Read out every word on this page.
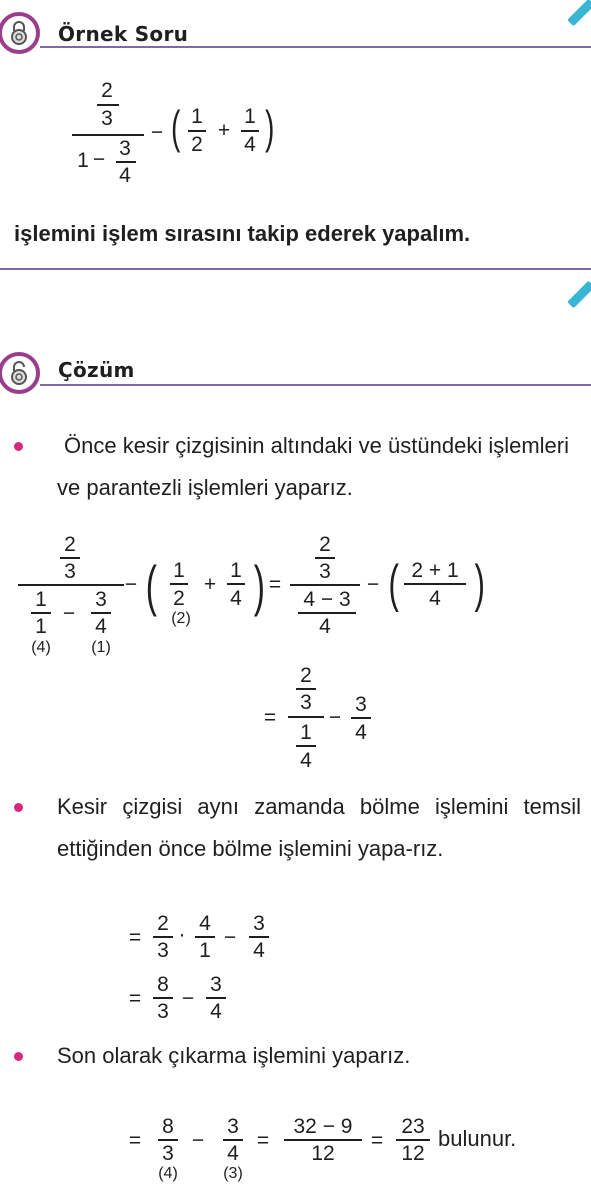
Örnek Soru
2
3
1 − 3
4
− ( 1
2
+
1
4 )
işlemini işlem sırasını takip ederek yapalım.
Çözüm
Önce kesir çizgisinin altındaki ve üstündeki işlemleri ve parantezli işlemleri yaparız.
2
3
1
1
−
3
4
(4)	(1)
− ( 1
2
(2)
+
1
4 ) =
2
3
4 − 3
4
− ( 2 + 1
4 )
=
2
3
1
4
−
3
4
Kesir çizgisi aynı zamanda bölme işlemini temsil ettiğinden önce bölme işlemini yapa-rız.
=
2
3
· 4
1
−
3
4
=
8
3
−
3
4
Son olarak çıkarma işlemini yaparız.
=
8
3
(4)
−
3
4
(3)
=
32 − 9
12
=
23
12
bulunur.
